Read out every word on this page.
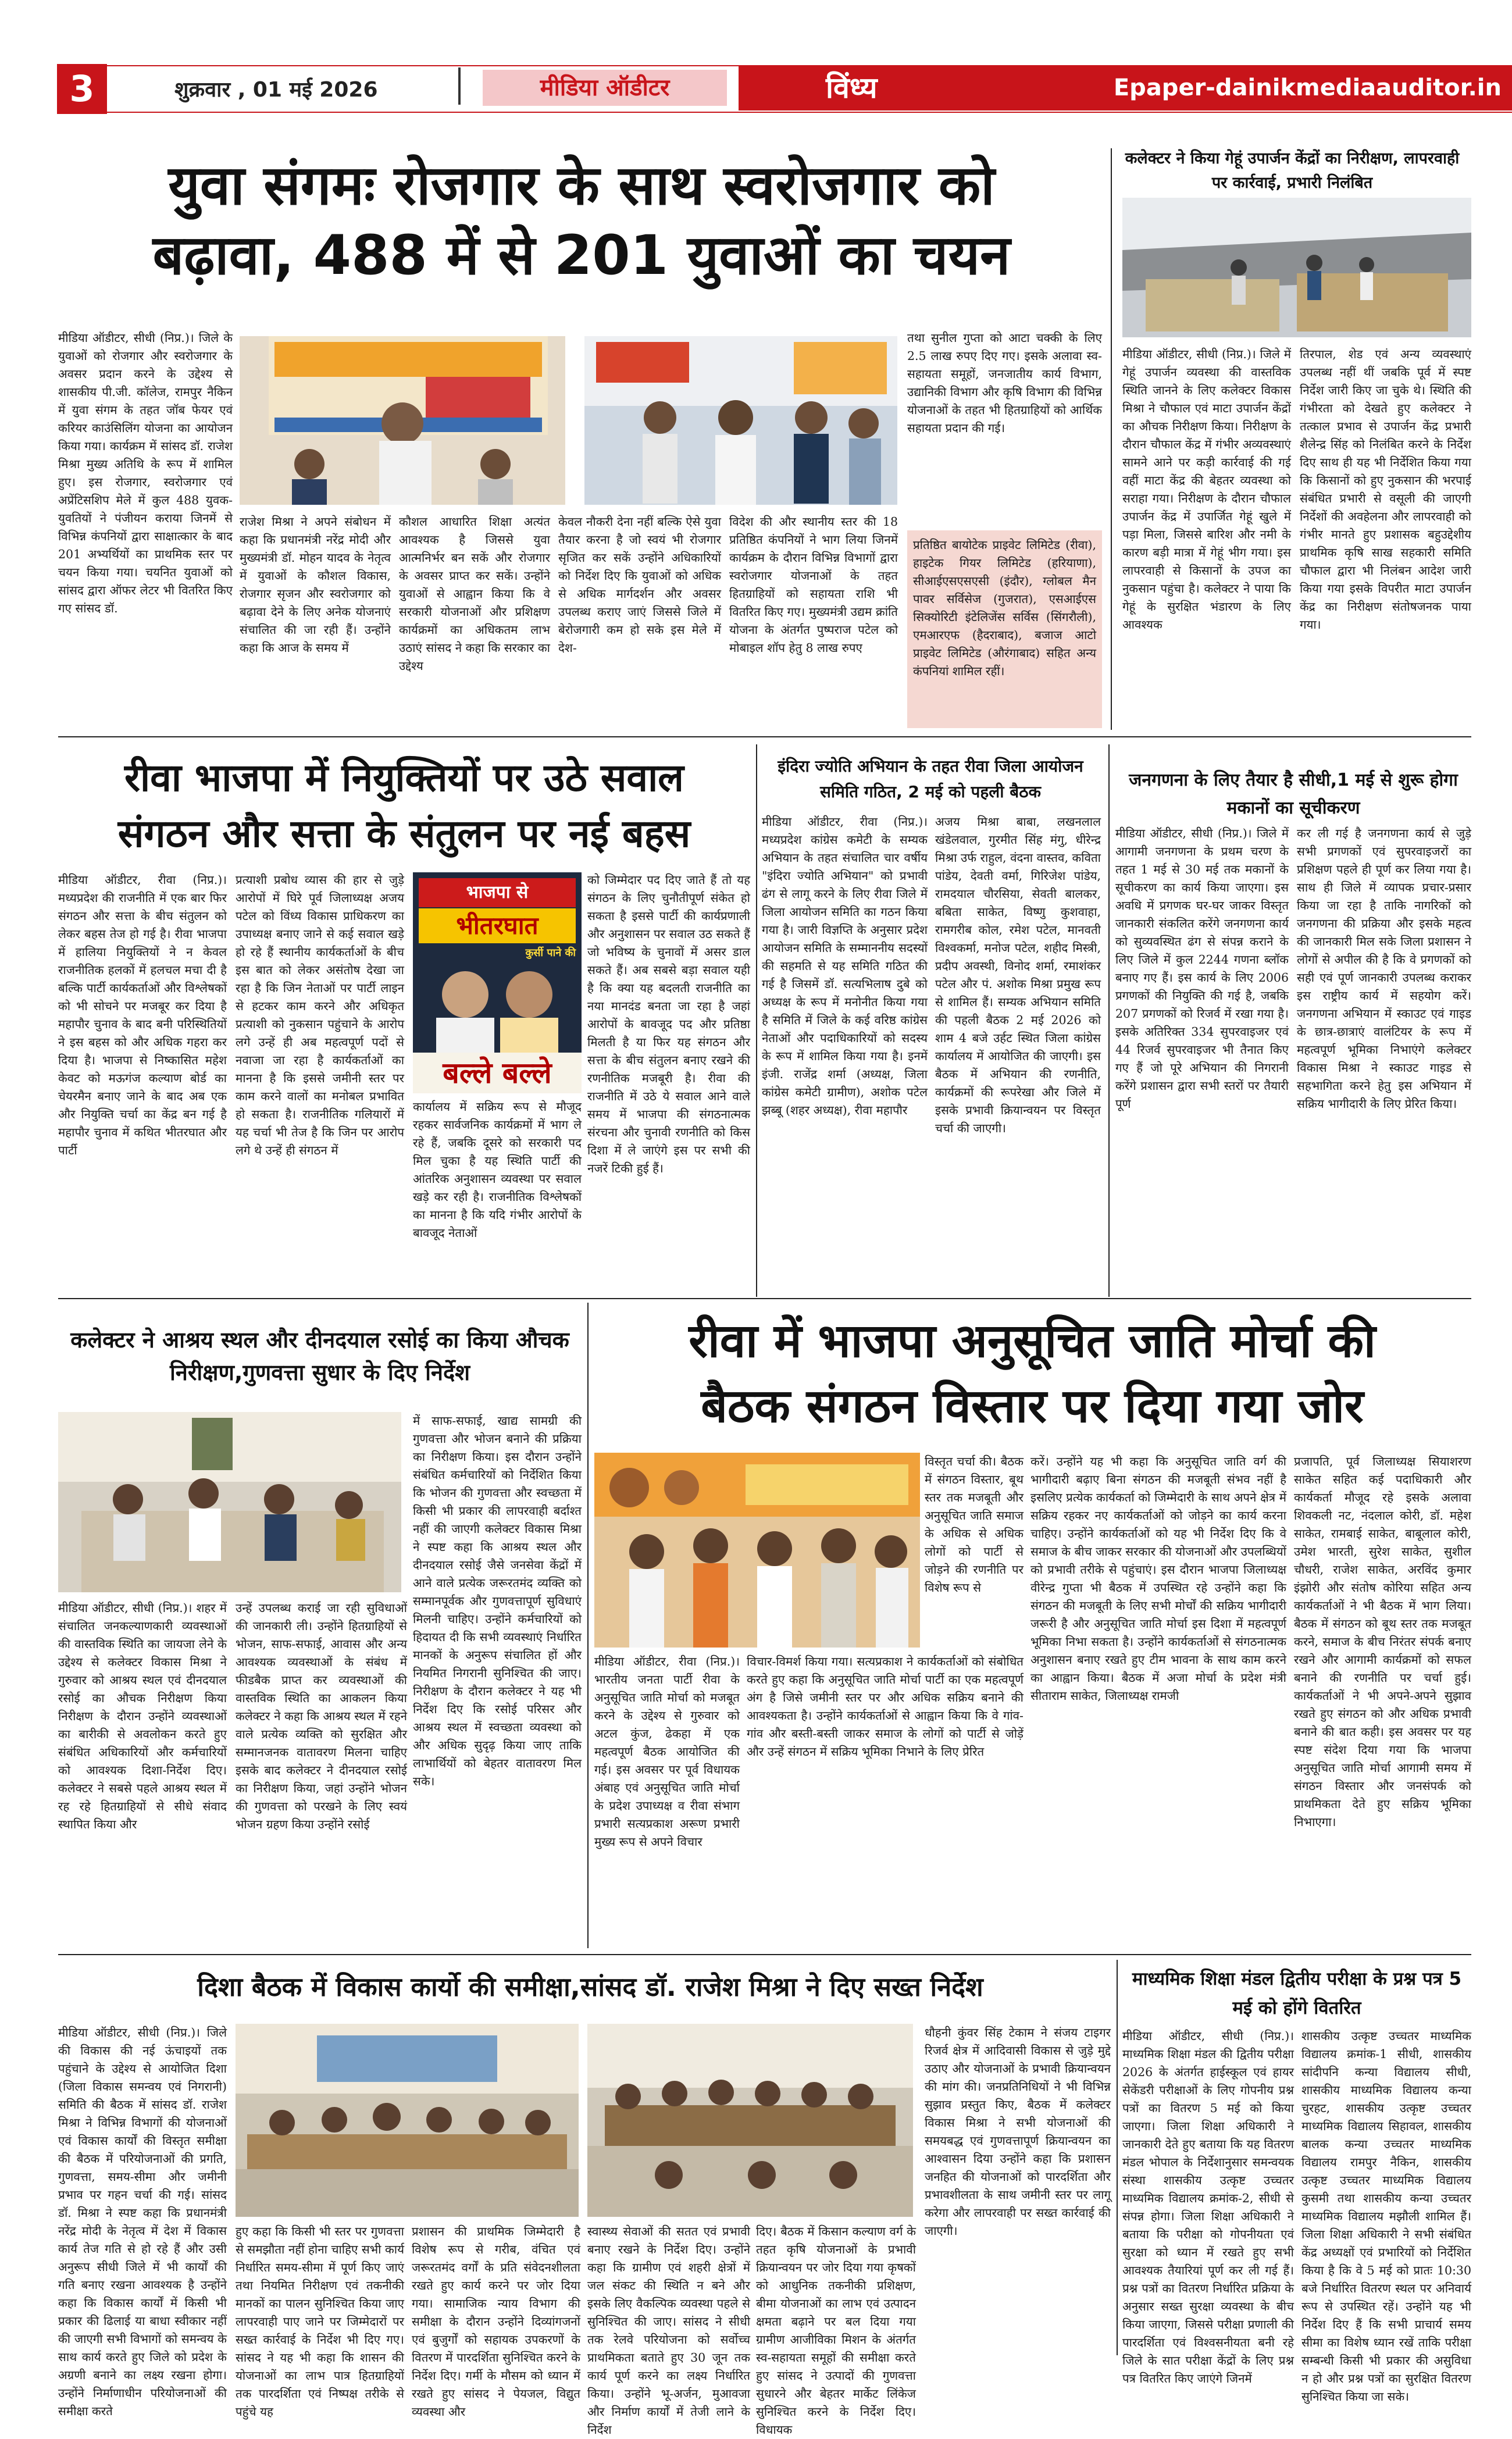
3	शुक्रवार , 01 मई 2026	मीडिया ऑडीटर	विंध्य	Epaper-dainikmediaauditor.in
युवा संगमः रोजगार के साथ स्वरोजगार को
बढ़ावा, 488 में से 201 युवाओं का चयन
मीडिया ऑडीटर, सीधी (निप्र.)। जिले के युवाओं को रोजगार और स्वरोजगार के अवसर प्रदान करने के उद्देश्य से शासकीय पी.जी. कॉलेज, रामपुर नैकिन में युवा संगम के तहत जॉब फेयर एवं करियर काउंसिलिंग योजना का आयोजन किया गया। कार्यक्रम में सांसद डॉ. राजेश मिश्रा मुख्य अतिथि के रूप में शामिल हुए। इस रोजगार, स्वरोजगार एवं अप्रेंटिसशिप मेले में कुल 488 युवक-युवतियों ने पंजीयन कराया जिनमें से विभिन्न कंपनियों द्वारा साक्षात्कार के बाद 201 अभ्यर्थियों का प्राथमिक स्तर पर चयन किया गया। चयनित युवाओं को सांसद द्वारा ऑफर लेटर भी वितरित किए गए सांसद डॉ.
राजेश मिश्रा ने अपने संबोधन में कहा कि प्रधानमंत्री नरेंद्र मोदी और मुख्यमंत्री डॉ. मोहन यादव के नेतृत्व में युवाओं के कौशल विकास, रोजगार सृजन और स्वरोजगार को बढ़ावा देने के लिए अनेक योजनाएं संचालित की जा रही हैं। उन्होंने कहा कि आज के समय में
कौशल आधारित शिक्षा अत्यंत आवश्यक है जिससे युवा आत्मनिर्भर बन सकें और रोजगार के अवसर प्राप्त कर सकें। उन्होंने युवाओं से आह्वान किया कि वे सरकारी योजनाओं और प्रशिक्षण कार्यक्रमों का अधिकतम लाभ उठाएं सांसद ने कहा कि सरकार का उद्देश्य
केवल नौकरी देना नहीं बल्कि ऐसे युवा तैयार करना है जो स्वयं भी रोजगार सृजित कर सकें उन्होंने अधिकारियों को निर्देश दिए कि युवाओं को अधिक से अधिक मार्गदर्शन और अवसर उपलब्ध कराए जाएं जिससे जिले में बेरोजगारी कम हो सके इस मेले में देश-
विदेश की और स्थानीय स्तर की 18 प्रतिष्ठित कंपनियों ने भाग लिया जिनमें कार्यक्रम के दौरान विभिन्न विभागों द्वारा स्वरोजगार योजनाओं के तहत हितग्राहियों को सहायता राशि भी वितरित किए गए। मुख्यमंत्री उद्यम क्रांति योजना के अंतर्गत पुष्पराज पटेल को मोबाइल शॉप हेतु 8 लाख रुपए
तथा सुनील गुप्ता को आटा चक्की के लिए 2.5 लाख रुपए दिए गए। इसके अलावा स्व-सहायता समूहों, जनजातीय कार्य विभाग, उद्यानिकी विभाग और कृषि विभाग की विभिन्न योजनाओं के तहत भी हितग्राहियों को आर्थिक सहायता प्रदान की गई।
प्रतिष्ठित बायोटेक प्राइवेट लिमिटेड (रीवा), हाइटेक गियर लिमिटेड (हरियाणा), सीआईएसएसएसी (इंदौर), ग्लोबल मैन पावर सर्विसेज (गुजरात), एसआईएस सिक्योरिटी इंटेलिजेंस सर्विस (सिंगरौली), एमआरएफ (हैदराबाद), बजाज आटो प्राइवेट लिमिटेड (औरंगाबाद) सहित अन्य कंपनियां शामिल रहीं।
कलेक्टर ने किया गेहूं उपार्जन केंद्रों का निरीक्षण, लापरवाही पर कार्रवाई, प्रभारी निलंबित
मीडिया ऑडीटर, सीधी (निप्र.)। जिले में गेहूं उपार्जन व्यवस्था की वास्तविक स्थिति जानने के लिए कलेक्टर विकास मिश्रा ने चौफाल एवं माटा उपार्जन केंद्रों का औचक निरीक्षण किया। निरीक्षण के दौरान चौफाल केंद्र में गंभीर अव्यवस्थाएं सामने आने पर कड़ी कार्रवाई की गई वहीं माटा केंद्र की बेहतर व्यवस्था को सराहा गया। निरीक्षण के दौरान चौफाल उपार्जन केंद्र में उपार्जित गेहूं खुले में पड़ा मिला, जिससे बारिश और नमी के कारण बड़ी मात्रा में गेहूं भीग गया। इस लापरवाही से किसानों के उपज का नुकसान पहुंचा है। कलेक्टर ने पाया कि गेहूं के सुरक्षित भंडारण के लिए आवश्यक
तिरपाल, शेड एवं अन्य व्यवस्थाएं उपलब्ध नहीं थीं जबकि पूर्व में स्पष्ट निर्देश जारी किए जा चुके थे। स्थिति की गंभीरता को देखते हुए कलेक्टर ने तत्काल प्रभाव से उपार्जन केंद्र प्रभारी शैलेन्द्र सिंह को निलंबित करने के निर्देश दिए साथ ही यह भी निर्देशित किया गया कि किसानों को हुए नुकसान की भरपाई संबंधित प्रभारी से वसूली की जाएगी निर्देशों की अवहेलना और लापरवाही को गंभीर मानते हुए प्रशासक बहुउद्देशीय प्राथमिक कृषि साख सहकारी समिति चौफाल द्वारा भी निलंबन आदेश जारी किया गया इसके विपरीत माटा उपार्जन केंद्र का निरीक्षण संतोषजनक पाया गया।
रीवा भाजपा में नियुक्तियों पर उठे सवाल
संगठन और सत्ता के संतुलन पर नई बहस
मीडिया ऑडीटर, रीवा (निप्र.)। मध्यप्रदेश की राजनीति में एक बार फिर संगठन और सत्ता के बीच संतुलन को लेकर बहस तेज हो गई है। रीवा भाजपा में हालिया नियुक्तियों ने न केवल राजनीतिक हलकों में हलचल मचा दी है बल्कि पार्टी कार्यकर्ताओं और विश्लेषकों को भी सोचने पर मजबूर कर दिया है महापौर चुनाव के बाद बनी परिस्थितियों ने इस बहस को और अधिक गहरा कर दिया है। भाजपा से निष्कासित महेश केवट को मऊगंज कल्याण बोर्ड का चेयरमैन बनाए जाने के बाद अब एक और नियुक्ति चर्चा का केंद्र बन गई है महापौर चुनाव में कथित भीतरघात और पार्टी
प्रत्याशी प्रबोध व्यास की हार से जुड़े आरोपों में घिरे पूर्व जिलाध्यक्ष अजय पटेल को विंध्य विकास प्राधिकरण का उपाध्यक्ष बनाए जाने से कई सवाल खड़े हो रहे हैं स्थानीय कार्यकर्ताओं के बीच इस बात को लेकर असंतोष देखा जा रहा है कि जिन नेताओं पर पार्टी लाइन से हटकर काम करने और अधिकृत प्रत्याशी को नुकसान पहुंचाने के आरोप लगे उन्हें ही अब महत्वपूर्ण पदों से नवाजा जा रहा है कार्यकर्ताओं का मानना है कि इससे जमीनी स्तर पर काम करने वालों का मनोबल प्रभावित हो सकता है। राजनीतिक गलियारों में यह चर्चा भी तेज है कि जिन पर आरोप लगे थे उन्हें ही संगठन में
भाजपा से
भीतरघात
कुर्सी पाने की
बल्ले बल्ले
कार्यालय में सक्रिय रूप से मौजूद रहकर सार्वजनिक कार्यक्रमों में भाग ले रहे हैं, जबकि दूसरे को सरकारी पद मिल चुका है यह स्थिति पार्टी की आंतरिक अनुशासन व्यवस्था पर सवाल खड़े कर रही है। राजनीतिक विश्लेषकों का मानना है कि यदि गंभीर आरोपों के बावजूद नेताओं
को जिम्मेदार पद दिए जाते हैं तो यह संगठन के लिए चुनौतीपूर्ण संकेत हो सकता है इससे पार्टी की कार्यप्रणाली और अनुशासन पर सवाल उठ सकते हैं जो भविष्य के चुनावों में असर डाल सकते हैं। अब सबसे बड़ा सवाल यही है कि क्या यह बदलती राजनीति का नया मानदंड बनता जा रहा है जहां आरोपों के बावजूद पद और प्रतिष्ठा मिलती है या फिर यह संगठन और सत्ता के बीच संतुलन बनाए रखने की रणनीतिक मजबूरी है। रीवा की राजनीति में उठे ये सवाल आने वाले समय में भाजपा की संगठनात्मक संरचना और चुनावी रणनीति को किस दिशा में ले जाएंगे इस पर सभी की नजरें टिकी हुई हैं।
इंदिरा ज्योति अभियान के तहत रीवा जिला आयोजन समिति गठित, 2 मई को पहली बैठक
मीडिया ऑडीटर, रीवा (निप्र.)। मध्यप्रदेश कांग्रेस कमेटी के सम्यक अभियान के तहत संचालित चार वर्षीय "इंदिरा ज्योति अभियान" को प्रभावी ढंग से लागू करने के लिए रीवा जिले में जिला आयोजन समिति का गठन किया गया है। जारी विज्ञप्ति के अनुसार प्रदेश आयोजन समिति के सम्माननीय सदस्यों की सहमति से यह समिति गठित की गई है जिसमें डॉ. सत्यभिलाष दुबे को अध्यक्ष के रूप में मनोनीत किया गया है समिति में जिले के कई वरिष्ठ कांग्रेस नेताओं और पदाधिकारियों को सदस्य के रूप में शामिल किया गया है। इनमें इंजी. राजेंद्र शर्मा (अध्यक्ष, जिला कांग्रेस कमेटी ग्रामीण), अशोक पटेल झब्बू (शहर अध्यक्ष), रीवा महापौर
अजय मिश्रा बाबा, लखनलाल खंडेलवाल, गुरमीत सिंह मंगु, धीरेन्द्र मिश्रा उर्फ राहुल, वंदना वास्तव, कविता पांडेय, देवती वर्मा, गिरिजेश पांडेय, रामदयाल चौरसिया, सेवती बालकर, बबिता साकेत, विष्णु कुशवाहा, रामगरीब कोल, रमेश पटेल, मानवती विश्वकर्मा, मनोज पटेल, शहीद मिस्त्री, प्रदीप अवस्थी, विनोद शर्मा, रमाशंकर पटेल और पं. अशोक मिश्रा प्रमुख रूप से शामिल हैं। सम्यक अभियान समिति की पहली बैठक 2 मई 2026 को शाम 4 बजे उर्हट स्थित जिला कांग्रेस कार्यालय में आयोजित की जाएगी। इस बैठक में अभियान की रणनीति, कार्यक्रमों की रूपरेखा और जिले में इसके प्रभावी क्रियान्वयन पर विस्तृत चर्चा की जाएगी।
जनगणना के लिए तैयार है सीधी,1 मई से शुरू होगा मकानों का सूचीकरण
मीडिया ऑडीटर, सीधी (निप्र.)। जिले में आगामी जनगणना के प्रथम चरण के तहत 1 मई से 30 मई तक मकानों के सूचीकरण का कार्य किया जाएगा। इस अवधि में प्रगणक घर-घर जाकर विस्तृत जानकारी संकलित करेंगे जनगणना कार्य को सुव्यवस्थित ढंग से संपन्न कराने के लिए जिले में कुल 2244 गणना ब्लॉक बनाए गए हैं। इस कार्य के लिए 2006 प्रगणकों की नियुक्ति की गई है, जबकि 207 प्रगणकों को रिजर्व में रखा गया है। इसके अतिरिक्त 334 सुपरवाइजर एवं 44 रिजर्व सुपरवाइजर भी तैनात किए गए हैं जो पूरे अभियान की निगरानी करेंगे प्रशासन द्वारा सभी स्तरों पर तैयारी पूर्ण
कर ली गई है जनगणना कार्य से जुड़े सभी प्रगणकों एवं सुपरवाइजरों का प्रशिक्षण पहले ही पूर्ण कर लिया गया है। साथ ही जिले में व्यापक प्रचार-प्रसार किया जा रहा है ताकि नागरिकों को जनगणना की प्रक्रिया और इसके महत्व की जानकारी मिल सके जिला प्रशासन ने लोगों से अपील की है कि वे प्रगणकों को सही एवं पूर्ण जानकारी उपलब्ध कराकर इस राष्ट्रीय कार्य में सहयोग करें। जनगणना अभियान में स्काउट एवं गाइड के छात्र-छात्राएं वालंटियर के रूप में महत्वपूर्ण भूमिका निभाएंगे कलेक्टर विकास मिश्रा ने स्काउट गाइड से सहभागिता करने हेतु इस अभियान में सक्रिय भागीदारी के लिए प्रेरित किया।
कलेक्टर ने आश्रय स्थल और दीनदयाल रसोई का किया औचक निरीक्षण,गुणवत्ता सुधार के दिए निर्देश
मीडिया ऑडीटर, सीधी (निप्र.)। शहर में संचालित जनकल्याणकारी व्यवस्थाओं की वास्तविक स्थिति का जायजा लेने के उद्देश्य से कलेक्टर विकास मिश्रा ने गुरुवार को आश्रय स्थल एवं दीनदयाल रसोई का औचक निरीक्षण किया निरीक्षण के दौरान उन्होंने व्यवस्थाओं का बारीकी से अवलोकन करते हुए संबंधित अधिकारियों और कर्मचारियों को आवश्यक दिशा-निर्देश दिए। कलेक्टर ने सबसे पहले आश्रय स्थल में रह रहे हितग्राहियों से सीधे संवाद स्थापित किया और
उन्हें उपलब्ध कराई जा रही सुविधाओं की जानकारी ली। उन्होंने हितग्राहियों से भोजन, साफ-सफाई, आवास और अन्य आवश्यक व्यवस्थाओं के संबंध में फीडबैक प्राप्त कर व्यवस्थाओं की वास्तविक स्थिति का आकलन किया कलेक्टर ने कहा कि आश्रय स्थल में रहने वाले प्रत्येक व्यक्ति को सुरक्षित और सम्मानजनक वातावरण मिलना चाहिए इसके बाद कलेक्टर ने दीनदयाल रसोई का निरीक्षण किया, जहां उन्होंने भोजन की गुणवत्ता को परखने के लिए स्वयं भोजन ग्रहण किया उन्होंने रसोई
में साफ-सफाई, खाद्य सामग्री की गुणवत्ता और भोजन बनाने की प्रक्रिया का निरीक्षण किया। इस दौरान उन्होंने संबंधित कर्मचारियों को निर्देशित किया कि भोजन की गुणवत्ता और स्वच्छता में किसी भी प्रकार की लापरवाही बर्दाश्त नहीं की जाएगी कलेक्टर विकास मिश्रा ने स्पष्ट कहा कि आश्रय स्थल और दीनदयाल रसोई जैसे जनसेवा केंद्रों में आने वाले प्रत्येक जरूरतमंद व्यक्ति को सम्मानपूर्वक और गुणवत्तापूर्ण सुविधाएं मिलनी चाहिए। उन्होंने कर्मचारियों को हिदायत दी कि सभी व्यवस्थाएं निर्धारित मानकों के अनुरूप संचालित हों और नियमित निगरानी सुनिश्चित की जाए। निरीक्षण के दौरान कलेक्टर ने यह भी निर्देश दिए कि रसोई परिसर और आश्रय स्थल में स्वच्छता व्यवस्था को और अधिक सुदृढ़ किया जाए ताकि लाभार्थियों को बेहतर वातावरण मिल सके।
रीवा में भाजपा अनुसूचित जाति मोर्चा की
बैठक संगठन विस्तार पर दिया गया जोर
विस्तृत चर्चा की। बैठक में संगठन विस्तार, बूथ स्तर तक मजबूती और अनुसूचित जाति समाज के अधिक से अधिक लोगों को पार्टी से जोड़ने की रणनीति पर विशेष रूप से
मीडिया ऑडीटर, रीवा (निप्र.)। भारतीय जनता पार्टी रीवा के अनुसूचित जाति मोर्चा को मजबूत करने के उद्देश्य से गुरुवार को अटल कुंज, ढेकहा में एक महत्वपूर्ण बैठक आयोजित की गई। इस अवसर पर पूर्व विधायक अंबाह एवं अनुसूचित जाति मोर्चा के प्रदेश उपाध्यक्ष व रीवा संभाग प्रभारी सत्यप्रकाश अरूण प्रभारी मुख्य रूप से अपने विचार
विचार-विमर्श किया गया। सत्यप्रकाश ने कार्यकर्ताओं को संबोधित करते हुए कहा कि अनुसूचित जाति मोर्चा पार्टी का एक महत्वपूर्ण अंग है जिसे जमीनी स्तर पर और अधिक सक्रिय बनाने की आवश्यकता है। उन्होंने कार्यकर्ताओं से आह्वान किया कि वे गांव-गांव और बस्ती-बस्ती जाकर समाज के लोगों को पार्टी से जोड़ें और उन्हें संगठन में सक्रिय भूमिका निभाने के लिए प्रेरित
करें। उन्होंने यह भी कहा कि अनुसूचित जाति वर्ग की भागीदारी बढ़ाए बिना संगठन की मजबूती संभव नहीं है इसलिए प्रत्येक कार्यकर्ता को जिम्मेदारी के साथ अपने क्षेत्र में सक्रिय रहकर नए कार्यकर्ताओं को जोड़ने का कार्य करना चाहिए। उन्होंने कार्यकर्ताओं को यह भी निर्देश दिए कि वे समाज के बीच जाकर सरकार की योजनाओं और उपलब्धियों को प्रभावी तरीके से पहुंचाएं। इस दौरान भाजपा जिलाध्यक्ष वीरेन्द्र गुप्ता भी बैठक में उपस्थित रहे उन्होंने कहा कि संगठन की मजबूती के लिए सभी मोर्चों की सक्रिय भागीदारी जरूरी है और अनुसूचित जाति मोर्चा इस दिशा में महत्वपूर्ण भूमिका निभा सकता है। उन्होंने कार्यकर्ताओं से संगठनात्मक अनुशासन बनाए रखते हुए टीम भावना के साथ काम करने का आह्वान किया। बैठक में अजा मोर्चा के प्रदेश मंत्री सीताराम साकेत, जिलाध्यक्ष रामजी
प्रजापति, पूर्व जिलाध्यक्ष सियाशरण साकेत सहित कई पदाधिकारी और कार्यकर्ता मौजूद रहे इसके अलावा शिवकली नट, नंदलाल कोरी, डॉ. महेश साकेत, रामबाई साकेत, बाबूलाल कोरी, उमेश भारती, सुरेश साकेत, सुशील चौधरी, राजेश साकेत, अरविंद कुमार इंझोरी और संतोष कोरिया सहित अन्य कार्यकर्ताओं ने भी बैठक में भाग लिया। बैठक में संगठन को बूथ स्तर तक मजबूत करने, समाज के बीच निरंतर संपर्क बनाए रखने और आगामी कार्यक्रमों को सफल बनाने की रणनीति पर चर्चा हुई। कार्यकर्ताओं ने भी अपने-अपने सुझाव रखते हुए संगठन को और अधिक प्रभावी बनाने की बात कही। इस अवसर पर यह स्पष्ट संदेश दिया गया कि भाजपा अनुसूचित जाति मोर्चा आगामी समय में संगठन विस्तार और जनसंपर्क को प्राथमिकता देते हुए सक्रिय भूमिका निभाएगा।
दिशा बैठक में विकास कार्यो की समीक्षा,सांसद डॉ. राजेश मिश्रा ने दिए सख्त निर्देश
मीडिया ऑडीटर, सीधी (निप्र.)। जिले की विकास की नई ऊंचाइयों तक पहुंचाने के उद्देश्य से आयोजित दिशा (जिला विकास समन्वय एवं निगरानी) समिति की बैठक में सांसद डॉ. राजेश मिश्रा ने विभिन्न विभागों की योजनाओं एवं विकास कार्यों की विस्तृत समीक्षा की बैठक में परियोजनाओं की प्रगति, गुणवत्ता, समय-सीमा और जमीनी प्रभाव पर गहन चर्चा की गई। सांसद डॉ. मिश्रा ने स्पष्ट कहा कि प्रधानमंत्री नरेंद्र मोदी के नेतृत्व में देश में विकास कार्य तेज गति से हो रहे हैं और उसी अनुरूप सीधी जिले में भी कार्यों की गति बनाए रखना आवश्यक है उन्होंने कहा कि विकास कार्यों में किसी भी प्रकार की ढिलाई या बाधा स्वीकार नहीं की जाएगी सभी विभागों को समन्वय के साथ कार्य करते हुए जिले को प्रदेश के अग्रणी बनाने का लक्ष्य रखना होगा। उन्होंने निर्माणाधीन परियोजनाओं की समीक्षा करते
हुए कहा कि किसी भी स्तर पर गुणवत्ता से समझौता नहीं होना चाहिए सभी कार्य निर्धारित समय-सीमा में पूर्ण किए जाएं तथा नियमित निरीक्षण एवं तकनीकी मानकों का पालन सुनिश्चित किया जाए लापरवाही पाए जाने पर जिम्मेदारों पर सख्त कार्रवाई के निर्देश भी दिए गए। सांसद ने यह भी कहा कि शासन की योजनाओं का लाभ पात्र हितग्राहियों तक पारदर्शिता एवं निष्पक्ष तरीके से पहुंचे यह
प्रशासन की प्राथमिक जिम्मेदारी है विशेष रूप से गरीब, वंचित एवं जरूरतमंद वर्गों के प्रति संवेदनशीलता रखते हुए कार्य करने पर जोर दिया गया। सामाजिक न्याय विभाग की समीक्षा के दौरान उन्होंने दिव्यांगजनों एवं बुजुर्गों को सहायक उपकरणों के वितरण में पारदर्शिता सुनिश्चित करने के निर्देश दिए। गर्मी के मौसम को ध्यान में रखते हुए सांसद ने पेयजल, विद्युत व्यवस्था और
स्वास्थ्य सेवाओं की सतत एवं प्रभावी बनाए रखने के निर्देश दिए। उन्होंने कहा कि ग्रामीण एवं शहरी क्षेत्रों में जल संकट की स्थिति न बने और इसके लिए वैकल्पिक व्यवस्था पहले से सुनिश्चित की जाए। सांसद ने सीधी तक रेलवे परियोजना को सर्वोच्च प्राथमिकता बताते हुए 30 जून तक कार्य पूर्ण करने का लक्ष्य निर्धारित किया। उन्होंने भू-अर्जन, मुआवजा और निर्माण कार्यों में तेजी लाने के निर्देश
दिए। बैठक में किसान कल्याण वर्ग के तहत कृषि योजनाओं के प्रभावी क्रियान्वयन पर जोर दिया गया कृषकों को आधुनिक तकनीकी प्रशिक्षण, बीमा योजनाओं का लाभ एवं उत्पादन क्षमता बढ़ाने पर बल दिया गया ग्रामीण आजीविका मिशन के अंतर्गत स्व-सहायता समूहों की समीक्षा करते हुए सांसद ने उत्पादों की गुणवत्ता सुधारने और बेहतर मार्केट लिंकेज सुनिश्चित करने के निर्देश दिए। विधायक
धौहनी कुंवर सिंह टेकाम ने संजय टाइगर रिजर्व क्षेत्र में आदिवासी विकास से जुड़े मुद्दे उठाए और योजनाओं के प्रभावी क्रियान्वयन की मांग की। जनप्रतिनिधियों ने भी विभिन्न सुझाव प्रस्तुत किए, बैठक में कलेक्टर विकास मिश्रा ने सभी योजनाओं की समयबद्ध एवं गुणवत्तापूर्ण क्रियान्वयन का आश्वासन दिया उन्होंने कहा कि प्रशासन जनहित की योजनाओं को पारदर्शिता और प्रभावशीलता के साथ जमीनी स्तर पर लागू करेगा और लापरवाही पर सख्त कार्रवाई की जाएगी।
माध्यमिक शिक्षा मंडल द्वितीय परीक्षा के प्रश्न पत्र 5 मई को होंगे वितरित
मीडिया ऑडीटर, सीधी (निप्र.)। माध्यमिक शिक्षा मंडल की द्वितीय परीक्षा 2026 के अंतर्गत हाईस्कूल एवं हायर सेकेंडरी परीक्षाओं के लिए गोपनीय प्रश्न पत्रों का वितरण 5 मई को किया जाएगा। जिला शिक्षा अधिकारी ने जानकारी देते हुए बताया कि यह वितरण मंडल भोपाल के निर्देशानुसार समन्वयक संस्था शासकीय उत्कृष्ट उच्चतर माध्यमिक विद्यालय क्रमांक-2, सीधी से संपन्न होगा। जिला शिक्षा अधिकारी ने बताया कि परीक्षा को गोपनीयता एवं सुरक्षा को ध्यान में रखते हुए सभी आवश्यक तैयारियां पूर्ण कर ली गई हैं। प्रश्न पत्रों का वितरण निर्धारित प्रक्रिया के अनुसार सख्त सुरक्षा व्यवस्था के बीच किया जाएगा, जिससे परीक्षा प्रणाली की पारदर्शिता एवं विश्वसनीयता बनी रहे जिले के सात परीक्षा केंद्रों के लिए प्रश्न पत्र वितरित किए जाएंगे जिनमें
शासकीय उत्कृष्ट उच्चतर माध्यमिक विद्यालय क्रमांक-1 सीधी, शासकीय सांदीपनि कन्या विद्यालय सीधी, शासकीय माध्यमिक विद्यालय कन्या चुरहट, शासकीय उत्कृष्ट उच्चतर माध्यमिक विद्यालय सिहावल, शासकीय बालक कन्या उच्चतर माध्यमिक विद्यालय रामपुर नैकिन, शासकीय उत्कृष्ट उच्चतर माध्यमिक विद्यालय कुसमी तथा शासकीय कन्या उच्चतर माध्यमिक विद्यालय मझौली शामिल हैं। जिला शिक्षा अधिकारी ने सभी संबंधित केंद्र अध्यक्षों एवं प्रभारियों को निर्देशित किया है कि वे 5 मई को प्रातः 10:30 बजे निर्धारित वितरण स्थल पर अनिवार्य रूप से उपस्थित रहें। उन्होंने यह भी निर्देश दिए हैं कि सभी प्राचार्य समय सीमा का विशेष ध्यान रखें ताकि परीक्षा सम्बन्धी किसी भी प्रकार की असुविधा न हो और प्रश्न पत्रों का सुरक्षित वितरण सुनिश्चित किया जा सके।
